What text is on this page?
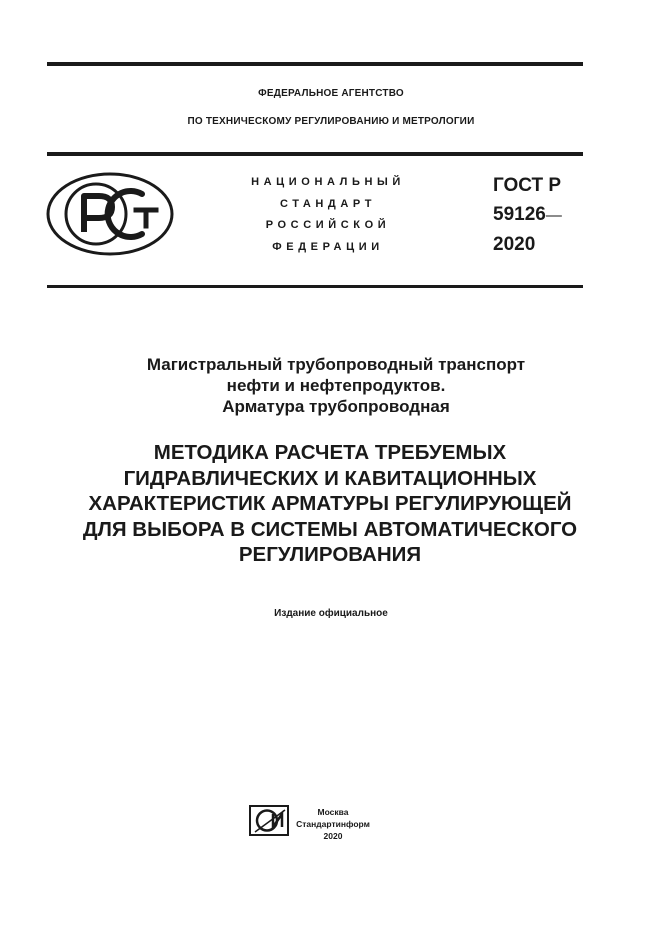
ФЕДЕРАЛЬНОЕ АГЕНТСТВО
ПО ТЕХНИЧЕСКОМУ РЕГУЛИРОВАНИЮ И МЕТРОЛОГИИ
НАЦИОНАЛЬНЫЙ
СТАНДАРТ
РОССИЙСКОЙ
ФЕДЕРАЦИИ
ГОСТ Р
59126—
2020
Магистральный трубопроводный транспорт
нефти и нефтепродуктов.
Арматура трубопроводная
МЕТОДИКА РАСЧЕТА ТРЕБУЕМЫХ
ГИДРАВЛИЧЕСКИХ И КАВИТАЦИОННЫХ
ХАРАКТЕРИСТИК АРМАТУРЫ РЕГУЛИРУЮЩЕЙ
ДЛЯ ВЫБОРА В СИСТЕМЫ АВТОМАТИЧЕСКОГО
РЕГУЛИРОВАНИЯ
Издание официальное
Москва
Стандартинформ
2020
